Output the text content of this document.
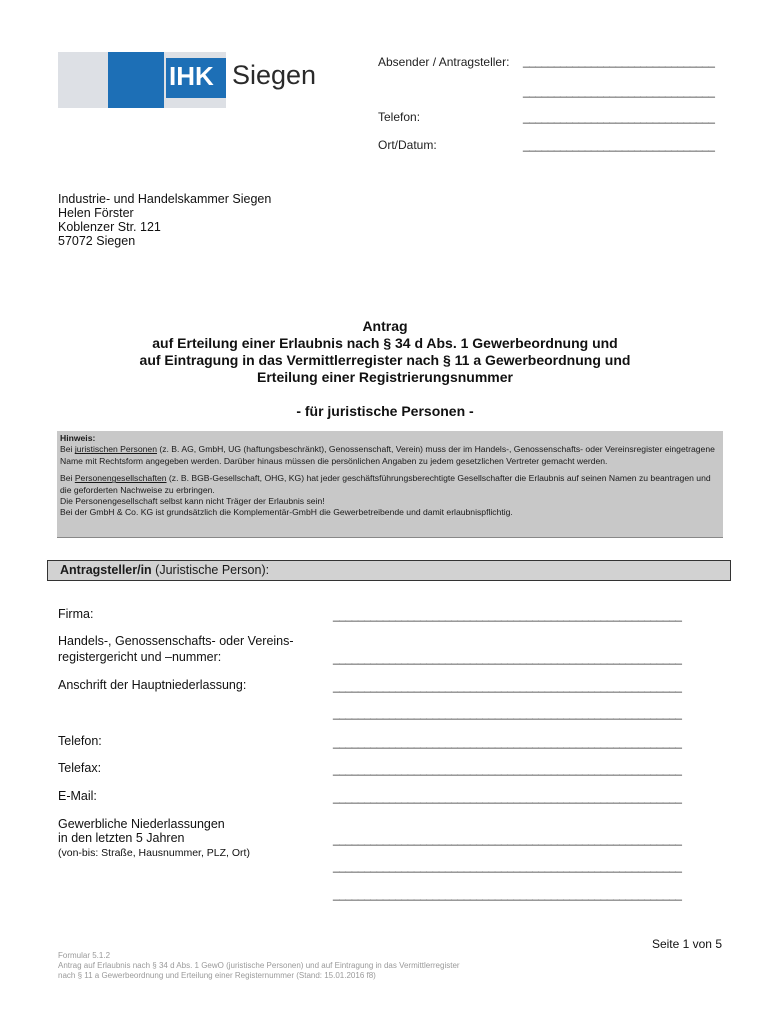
IHK Siegen	Absender / Antragsteller: _______________________________
_______________________________
Telefon:	_______________________________
Ort/Datum:	_______________________________
Industrie- und Handelskammer Siegen
Helen Förster
Koblenzer Str. 121
57072 Siegen
Antrag
auf Erteilung einer Erlaubnis nach § 34 d Abs. 1 Gewerbeordnung und
auf Eintragung in das Vermittlerregister nach § 11 a Gewerbeordnung und
Erteilung einer Registrierungsnummer
- für juristische Personen -
Hinweis:
Bei juristischen Personen (z. B. AG, GmbH, UG (haftungsbeschränkt), Genossenschaft, Verein) muss der im Handels-, Genossenschafts- oder Vereinsregister eingetragene Name mit Rechtsform angegeben werden. Darüber hinaus müssen die persönlichen Angaben zu jedem gesetzlichen Vertreter gemacht werden.
Bei Personengesellschaften (z. B. BGB-Gesellschaft, OHG, KG) hat jeder geschäftsführungsberechtigte Gesellschafter die Erlaubnis auf seinen Namen zu beantragen und die geforderten Nachweise zu erbringen.
Die Personengesellschaft selbst kann nicht Träger der Erlaubnis sein!
Bei der GmbH & Co. KG ist grundsätzlich die Komplementär-GmbH die Gewerbetreibende und damit erlaubnispflichtig.
Antragsteller/in (Juristische Person):
Firma:	________________________________________________________
Handels-, Genossenschafts- oder Vereins-
registergericht und –nummer:	________________________________________________________
Anschrift der Hauptniederlassung:	________________________________________________________
________________________________________________________
Telefon:	________________________________________________________
Telefax:	________________________________________________________
E-Mail:	________________________________________________________
Gewerbliche Niederlassungen
in den letzten 5 Jahren
(von-bis: Straße, Hausnummer, PLZ, Ort)
________________________________________________________
________________________________________________________
________________________________________________________
Seite 1 von 5
Formular 5.1.2
Antrag auf Erlaubnis nach § 34 d Abs. 1 GewO (juristische Personen) und auf Eintragung in das Vermittlerregister
nach § 11 a Gewerbeordnung und Erteilung einer Registernummer (Stand: 15.01.2016 f8)
